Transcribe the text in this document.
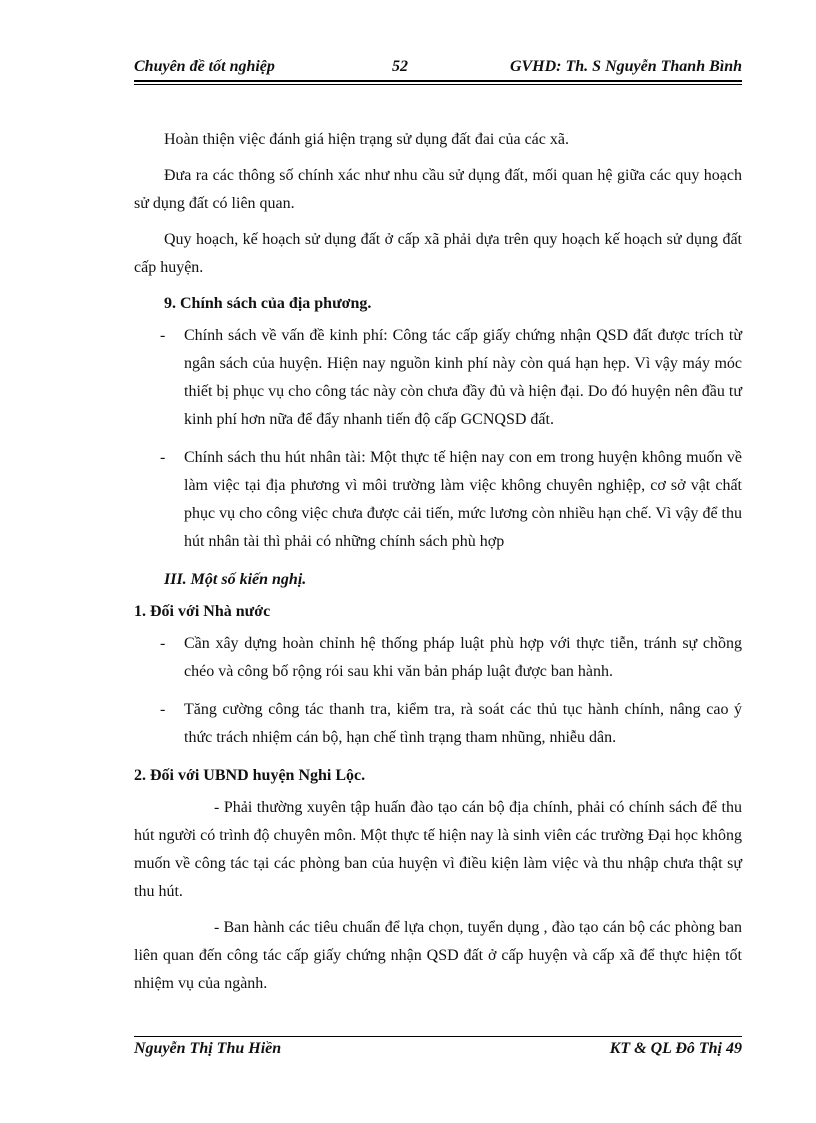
Chuyên đề tốt nghiệp	52	GVHD: Th. S Nguyễn Thanh Bình

Hoàn thiện việc đánh giá hiện trạng sử dụng đất đai của các xã.

Đưa ra các thông số chính xác như nhu cầu sử dụng đất, mối quan hệ giữa các quy hoạch sử dụng đất có liên quan.

Quy hoạch, kế hoạch sử dụng đất ở cấp xã phải dựa trên quy hoạch kế hoạch sử dụng đất cấp huyện.

9. Chính sách của địa phương.

- Chính sách về vấn đề kinh phí: Công tác cấp giấy chứng nhận QSD đất được trích từ ngân sách của huyện. Hiện nay nguồn kinh phí này còn quá hạn hẹp. Vì vậy máy móc thiết bị phục vụ cho công tác này còn chưa đầy đủ và hiện đại. Do đó huyện nên đầu tư kinh phí hơn nữa để đẩy nhanh tiến độ cấp GCNQSD đất.

- Chính sách thu hút nhân tài: Một thực tế hiện nay con em trong huyện không muốn về làm việc tại địa phương vì môi trường làm việc không chuyên nghiệp, cơ sở vật chất phục vụ cho công việc chưa được cải tiến, mức lương còn nhiều hạn chế. Vì vậy để thu hút nhân tài thì phải có những chính sách phù hợp

III. Một số kiến nghị.

1. Đối với Nhà nước

- Cần xây dựng hoàn chỉnh hệ thống pháp luật phù hợp với thực tiễn, tránh sự chồng chéo và công bố rộng rói sau khi văn bản pháp luật được ban hành.

- Tăng cường công tác thanh tra, kiểm tra, rà soát các thủ tục hành chính, nâng cao ý thức trách nhiệm cán bộ, hạn chế tình trạng tham nhũng, nhiễu dân.

2. Đối với UBND huyện Nghi Lộc.

- Phải thường xuyên tập huấn đào tạo cán bộ địa chính, phải có chính sách để thu hút người có trình độ chuyên môn. Một thực tế hiện nay là sinh viên các trường Đại học không muốn về công tác tại các phòng ban của huyện vì điều kiện làm việc và thu nhập chưa thật sự thu hút.

- Ban hành các tiêu chuẩn để lựa chọn, tuyển dụng , đào tạo cán bộ các phòng ban liên quan đến công tác cấp giấy chứng nhận QSD đất ở cấp huyện và cấp xã để thực hiện tốt nhiệm vụ của ngành.

Nguyễn Thị Thu Hiền	KT & QL Đô Thị 49
